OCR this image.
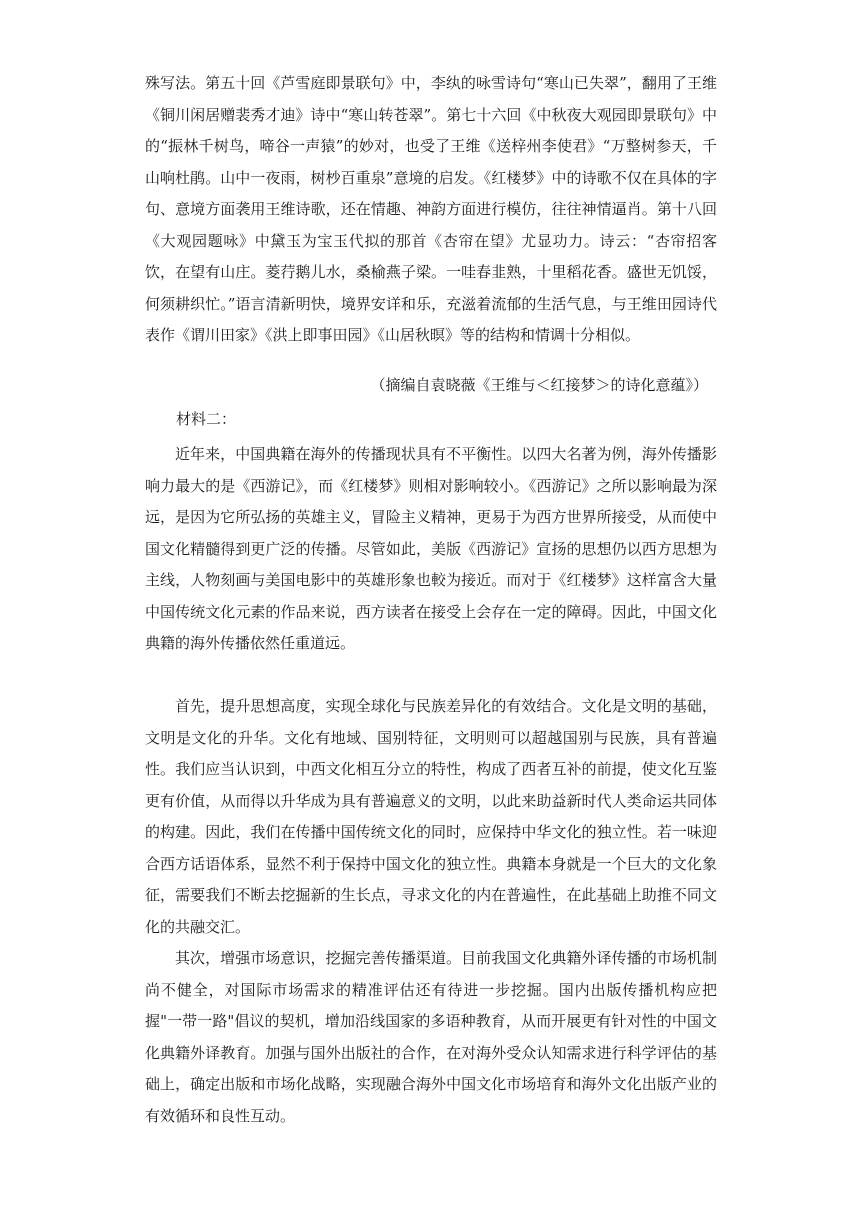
殊写法。第五十回《芦雪庭即景联句》中，李纨的咏雪诗句“寒山已失翠”，翻用了王维《铜川闲居赠裴秀才迪》诗中“寒山转苍翠”。第七十六回《中秋夜大观园即景联句》中的“振林千树鸟，啼谷一声猿”的妙对，也受了王维《送梓州李使君》“万整树参天，千山响杜鹃。山中一夜雨，树杪百重泉”意境的启发。《红楼梦》中的诗歌不仅在具体的字句、意境方面袭用王维诗歌，还在情趣、神韵方面进行模仿，往往神情逼肖。第十八回《大观园题咏》中黛玉为宝玉代拟的那首《杏帘在望》尤显功力。诗云：“杏帘招客饮，在望有山庄。菱荇鹅儿水，桑榆燕子梁。一哇春韭熟，十里稻花香。盛世无饥馁，何须耕织忙。”语言清新明快，境界安详和乐，充滋着流郁的生活气息，与王维田园诗代表作《谓川田家》《洪上即事田园》《山居秋暝》等的结构和情调十分相似。

（摘编自袁晓薇《王维与＜红接梦＞的诗化意蕴》）
材料二：

近年来，中国典籍在海外的传播现状具有不平衡性。以四大名著为例，海外传播影响力最大的是《西游记》，而《红楼梦》则相对影响较小。《西游记》之所以影响最为深远，是因为它所弘扬的英雄主义，冒险主义精神，更易于为西方世界所接受，从而使中国文化精髓得到更广泛的传播。尽管如此，美版《西游记》宣扬的思想仍以西方思想为主线，人物刻画与美国电影中的英雄形象也較为接近。而对于《红楼梦》这样富含大量中国传统文化元素的作品来说，西方读者在接受上会存在一定的障碍。因此，中国文化典籍的海外传播依然任重道远。

首先，提升思想高度，实现全球化与民族差异化的有效结合。文化是文明的基础，文明是文化的升华。文化有地域、国别特征，文明则可以超越国别与民族，具有普遍性。我们应当认识到，中西文化相互分立的特性，构成了西者互补的前提，使文化互鉴更有价值，从而得以升华成为具有普遍意义的文明，以此来助益新时代人类命运共同体的构建。因此，我们在传播中国传统文化的同时，应保持中华文化的独立性。若一味迎合西方话语体系，显然不利于保持中国文化的独立性。典籍本身就是一个巨大的文化象征，需要我们不断去挖掘新的生长点，寻求文化的内在普遍性，在此基础上助推不同文化的共融交汇。

其次，增强市场意识，挖掘完善传播渠道。目前我国文化典籍外译传播的市场机制尚不健全，对国际市场需求的精准评估还有待进一步挖掘。国内出版传播机构应把握"一带一路"倡议的契机，增加沿线国家的多语种教育，从而开展更有针对性的中国文化典籍外译教育。加强与国外出版社的合作，在对海外受众认知需求进行科学评估的基础上，确定出版和市场化战略，实现融合海外中国文化市场培育和海外文化出版产业的有效循环和良性互动。
